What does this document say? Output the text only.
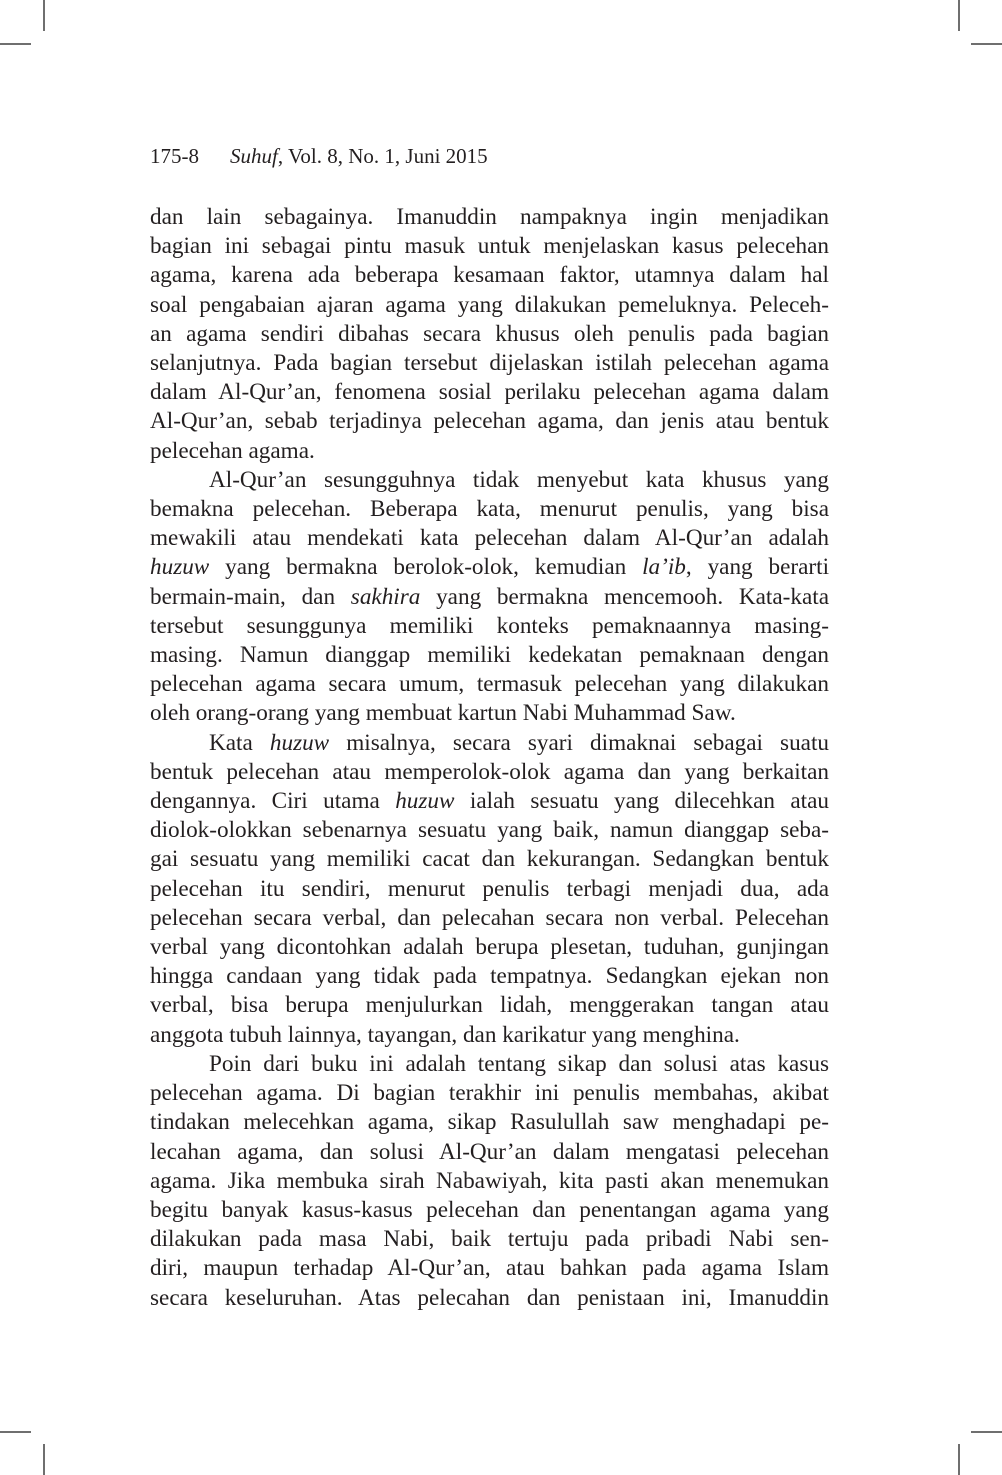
175-8 Suhuf, Vol. 8, No. 1, Juni 2015
dan lain sebagainya. Imanuddin nampaknya ingin menjadikan
bagian ini sebagai pintu masuk untuk menjelaskan kasus pelecehan
agama, karena ada beberapa kesamaan faktor, utamnya dalam hal
soal pengabaian ajaran agama yang dilakukan pemeluknya. Peleceh-
an agama sendiri dibahas secara khusus oleh penulis pada bagian
selanjutnya. Pada bagian tersebut dijelaskan istilah pelecehan agama
dalam Al-Qur’an, fenomena sosial perilaku pelecehan agama dalam
Al-Qur’an, sebab terjadinya pelecehan agama, dan jenis atau bentuk
pelecehan agama.
Al-Qur’an sesungguhnya tidak menyebut kata khusus yang
bemakna pelecehan. Beberapa kata, menurut penulis, yang bisa
mewakili atau mendekati kata pelecehan dalam Al-Qur’an adalah
huzuw yang bermakna berolok-olok, kemudian la’ib, yang berarti
bermain-main, dan sakhira yang bermakna mencemooh. Kata-kata
tersebut sesunggunya memiliki konteks pemaknaannya masing-
masing. Namun dianggap memiliki kedekatan pemaknaan dengan
pelecehan agama secara umum, termasuk pelecehan yang dilakukan
oleh orang-orang yang membuat kartun Nabi Muhammad Saw.
Kata huzuw misalnya, secara syari dimaknai sebagai suatu
bentuk pelecehan atau memperolok-olok agama dan yang berkaitan
dengannya. Ciri utama huzuw ialah sesuatu yang dilecehkan atau
diolok-olokkan sebenarnya sesuatu yang baik, namun dianggap seba-
gai sesuatu yang memiliki cacat dan kekurangan. Sedangkan bentuk
pelecehan itu sendiri, menurut penulis terbagi menjadi dua, ada
pelecehan secara verbal, dan pelecahan secara non verbal. Pelecehan
verbal yang dicontohkan adalah berupa plesetan, tuduhan, gunjingan
hingga candaan yang tidak pada tempatnya. Sedangkan ejekan non
verbal, bisa berupa menjulurkan lidah, menggerakan tangan atau
anggota tubuh lainnya, tayangan, dan karikatur yang menghina.
Poin dari buku ini adalah tentang sikap dan solusi atas kasus
pelecehan agama. Di bagian terakhir ini penulis membahas, akibat
tindakan melecehkan agama, sikap Rasulullah saw menghadapi pe-
lecahan agama, dan solusi Al-Qur’an dalam mengatasi pelecehan
agama. Jika membuka sirah Nabawiyah, kita pasti akan menemukan
begitu banyak kasus-kasus pelecehan dan penentangan agama yang
dilakukan pada masa Nabi, baik tertuju pada pribadi Nabi sen-
diri, maupun terhadap Al-Qur’an, atau bahkan pada agama Islam
secara keseluruhan. Atas pelecahan dan penistaan ini, Imanuddin
